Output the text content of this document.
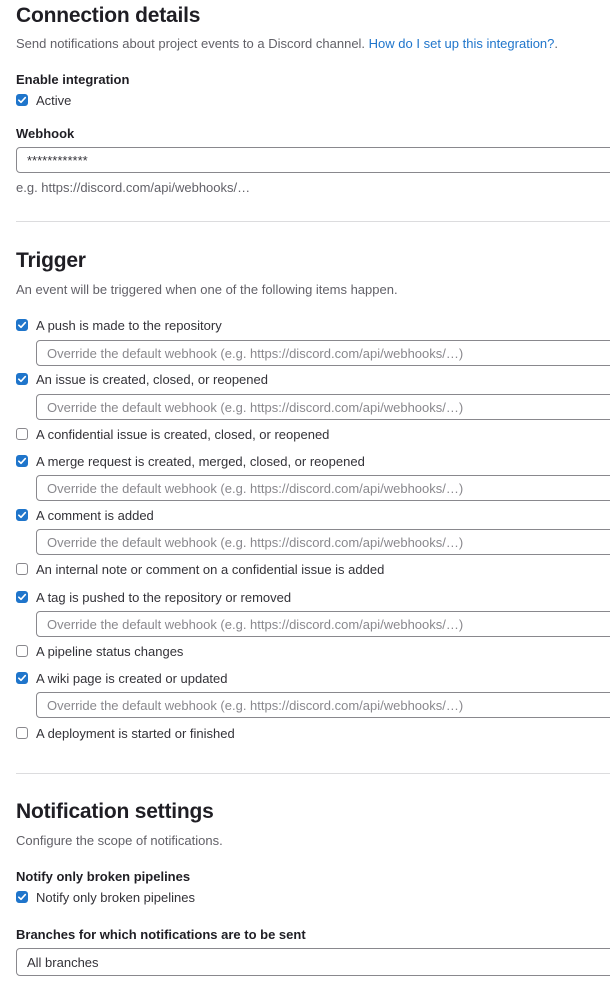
Connection details

Send notifications about project events to a Discord channel. How do I set up this integration?.

Enable integration

Active

Webhook

************

e.g. https://discord.com/api/webhooks/…

Trigger

An event will be triggered when one of the following items happen.

A push is made to the repository
Override the default webhook (e.g. https://discord.com/api/webhooks/…)
An issue is created, closed, or reopened
Override the default webhook (e.g. https://discord.com/api/webhooks/…)
A confidential issue is created, closed, or reopened
A merge request is created, merged, closed, or reopened
Override the default webhook (e.g. https://discord.com/api/webhooks/…)
A comment is added
Override the default webhook (e.g. https://discord.com/api/webhooks/…)
An internal note or comment on a confidential issue is added
A tag is pushed to the repository or removed
Override the default webhook (e.g. https://discord.com/api/webhooks/…)
A pipeline status changes
A wiki page is created or updated
Override the default webhook (e.g. https://discord.com/api/webhooks/…)
A deployment is started or finished
Notification settings

Configure the scope of notifications.

Notify only broken pipelines

Notify only broken pipelines

Branches for which notifications are to be sent

All branches
